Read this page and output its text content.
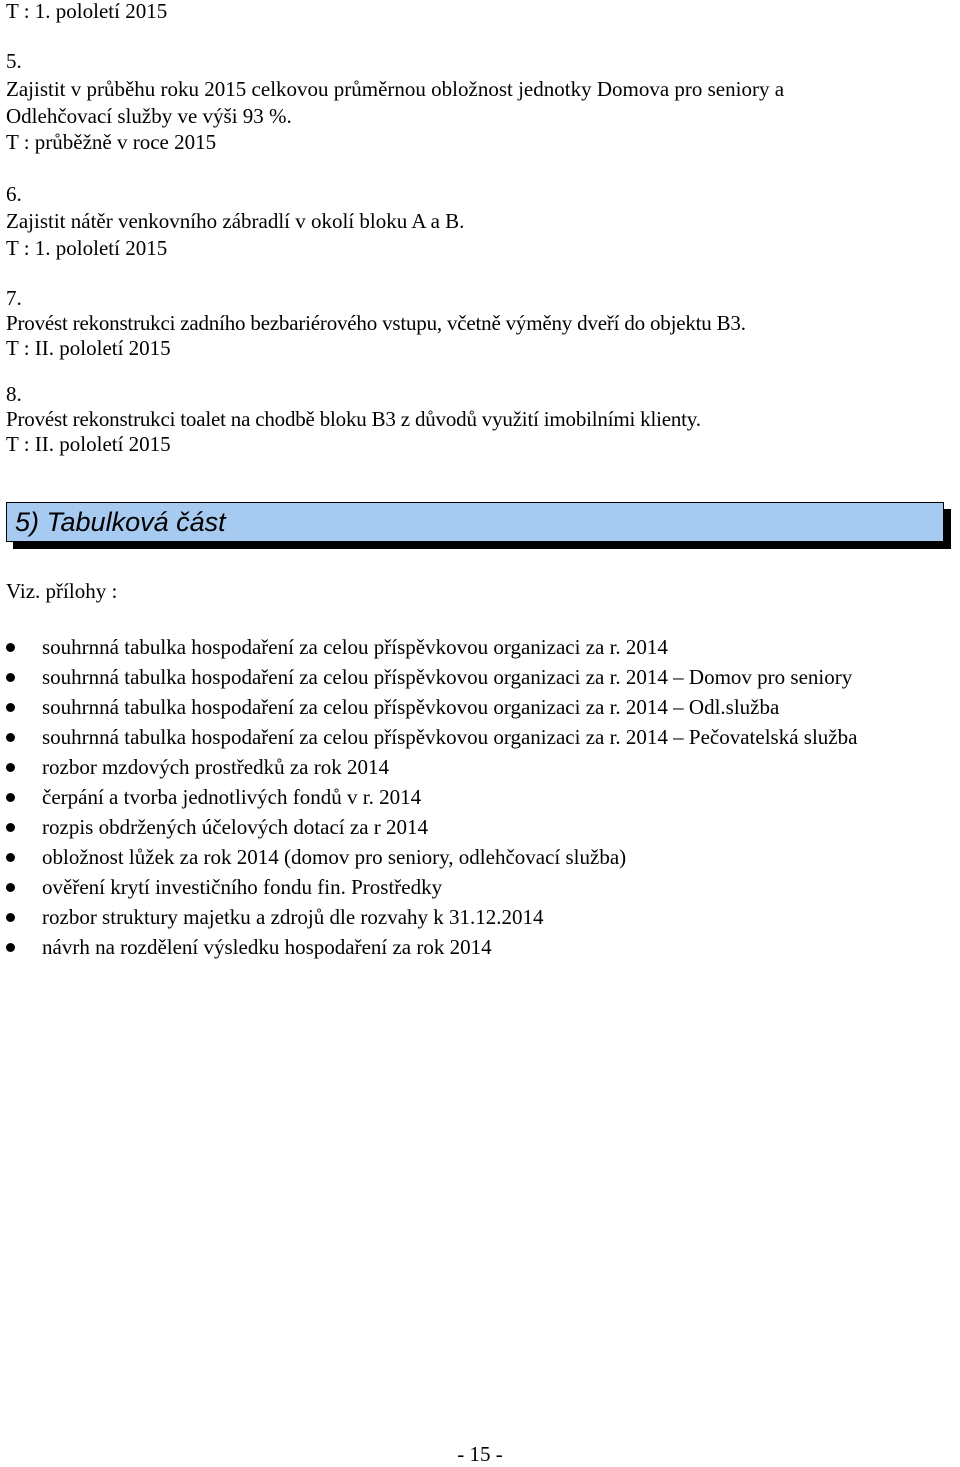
T : 1. pololetí 2015
5.
Zajistit v průběhu roku 2015 celkovou průměrnou obložnost jednotky Domova pro seniory a
Odlehčovací služby ve výši 93 %.
T : průběžně v roce 2015
6.
Zajistit nátěr venkovního zábradlí v okolí bloku A a B.
T : 1. pololetí 2015
7.
Provést rekonstrukci zadního bezbariérového vstupu, včetně výměny dveří do objektu B3.
T : II. pololetí 2015
8.
Provést rekonstrukci toalet na chodbě bloku B3 z důvodů využití imobilními klienty.
T : II. pololetí 2015
5) Tabulková část
Viz. přílohy :
souhrnná tabulka hospodaření za celou příspěvkovou organizaci za r. 2014
souhrnná tabulka hospodaření za celou příspěvkovou organizaci za r. 2014 – Domov pro seniory
souhrnná tabulka hospodaření za celou příspěvkovou organizaci za r. 2014 – Odl.služba
souhrnná tabulka hospodaření za celou příspěvkovou organizaci za r. 2014 – Pečovatelská služba
rozbor mzdových prostředků za rok 2014
čerpání a tvorba jednotlivých fondů v r. 2014
rozpis obdržených účelových dotací za r 2014
obložnost lůžek za rok 2014 (domov pro seniory, odlehčovací služba)
ověření krytí investičního fondu fin. Prostředky
rozbor struktury majetku a zdrojů dle rozvahy k 31.12.2014
návrh na rozdělení výsledku hospodaření za rok 2014
- 15 -
